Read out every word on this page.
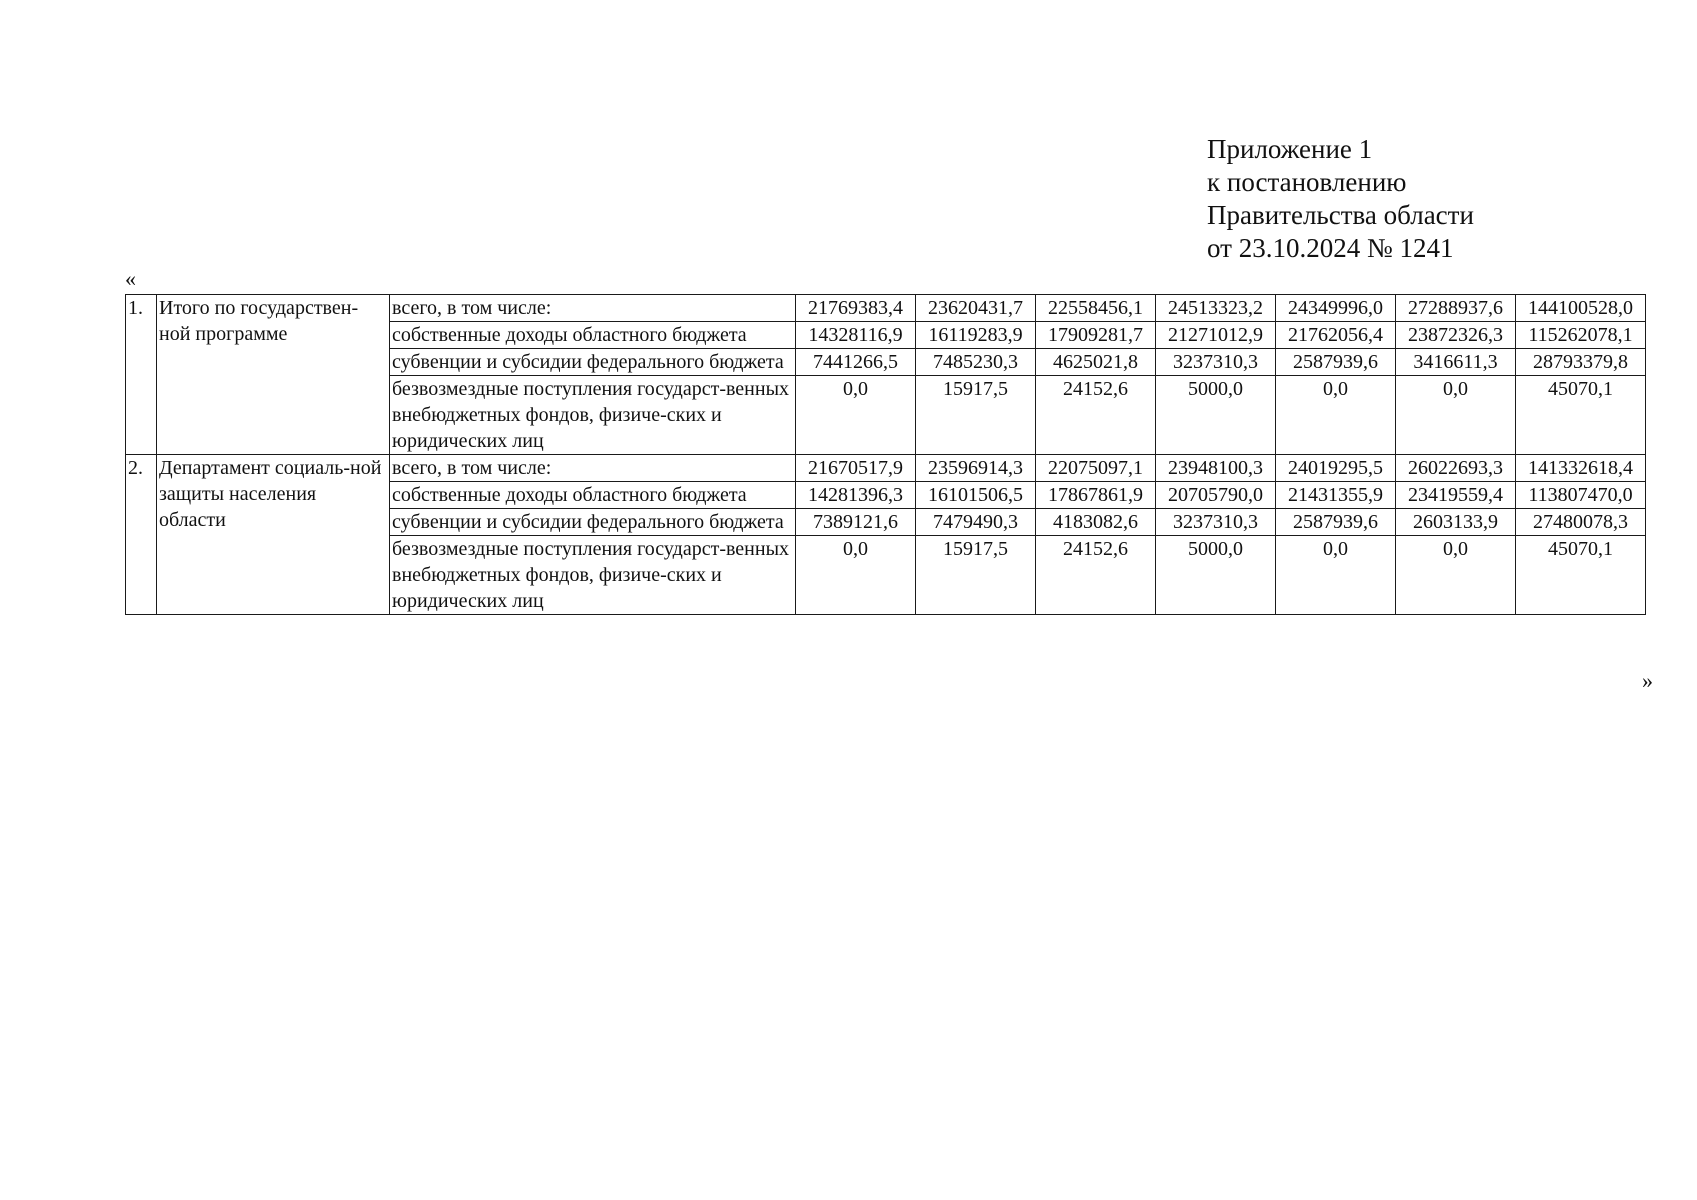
Приложение 1
к постановлению
Правительства области
от 23.10.2024 № 1241
«
1.	Итого по государствен-ной программе	всего, в том числе:	21769383,4	23620431,7	22558456,1	24513323,2	24349996,0	27288937,6	144100528,0
		собственные доходы областного бюджета	14328116,9	16119283,9	17909281,7	21271012,9	21762056,4	23872326,3	115262078,1
		субвенции и субсидии федерального бюджета	7441266,5	7485230,3	4625021,8	3237310,3	2587939,6	3416611,3	28793379,8
		безвозмездные поступления государст-венных внебюджетных фондов, физиче-ских и юридических лиц	0,0	15917,5	24152,6	5000,0	0,0	0,0	45070,1
2.	Департамент социаль-ной защиты населения области	всего, в том числе:	21670517,9	23596914,3	22075097,1	23948100,3	24019295,5	26022693,3	141332618,4
		собственные доходы областного бюджета	14281396,3	16101506,5	17867861,9	20705790,0	21431355,9	23419559,4	113807470,0
		субвенции и субсидии федерального бюджета	7389121,6	7479490,3	4183082,6	3237310,3	2587939,6	2603133,9	27480078,3
		безвозмездные поступления государст-венных внебюджетных фондов, физиче-ских и юридических лиц	0,0	15917,5	24152,6	5000,0	0,0	0,0	45070,1
»
